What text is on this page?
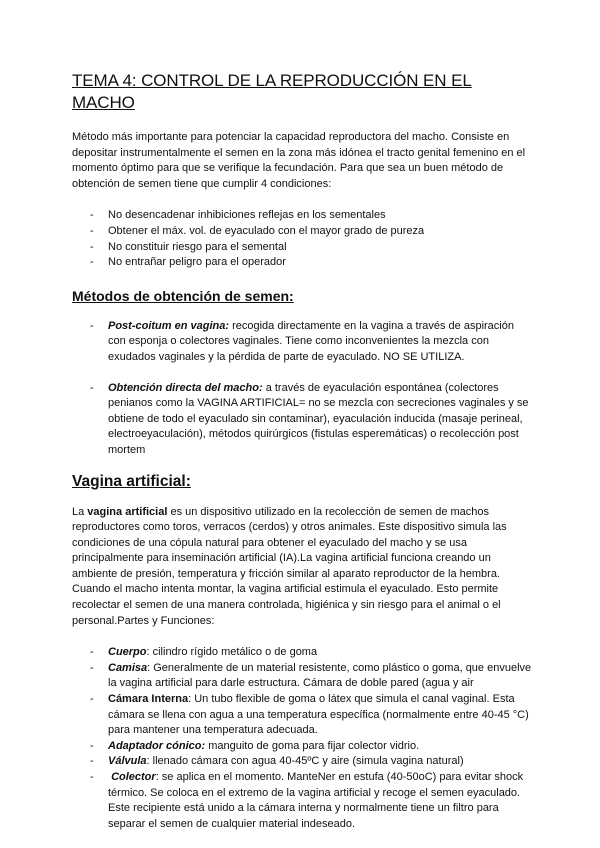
TEMA 4: CONTROL DE LA REPRODUCCIÓN EN EL MACHO

Método más importante para potenciar la capacidad reproductora del macho. Consiste en depositar instrumentalmente el semen en la zona más idónea el tracto genital femenino en el momento óptimo para que se verifique la fecundación. Para que sea un buen método de obtención de semen tiene que cumplir 4 condiciones:

- No desencadenar inhibiciones reflejas en los sementales
- Obtener el máx. vol. de eyaculado con el mayor grado de pureza
- No constituir riesgo para el semental
- No entrañar peligro para el operador
Métodos de obtención de semen:
- Post-coitum en vagina: recogida directamente en la vagina a través de aspiración con esponja o colectores vaginales. Tiene como inconvenientes la mezcla con exudados vaginales y la pérdida de parte de eyaculado. NO SE UTILIZA.
- Obtención directa del macho: a través de eyaculación espontánea (colectores penianos como la VAGINA ARTIFICIAL= no se mezcla con secreciones vaginales y se obtiene de todo el eyaculado sin contaminar), eyaculación inducida (masaje perineal, electroeyaculación), métodos quirúrgicos (fistulas esperemáticas) o recolección post mortem
Vagina artificial:

La vagina artificial es un dispositivo utilizado en la recolección de semen de machos reproductores como toros, verracos (cerdos) y otros animales. Este dispositivo simula las condiciones de una cópula natural para obtener el eyaculado del macho y se usa principalmente para inseminación artificial (IA).La vagina artificial funciona creando un ambiente de presión, temperatura y fricción similar al aparato reproductor de la hembra. Cuando el macho intenta montar, la vagina artificial estimula el eyaculado. Esto permite recolectar el semen de una manera controlada, higiénica y sin riesgo para el animal o el personal.Partes y Funciones:

- Cuerpo: cilindro rígido metálico o de goma
- Camisa: Generalmente de un material resistente, como plástico o goma, que envuelve la vagina artificial para darle estructura. Cámara de doble pared (agua y air
- Cámara Interna: Un tubo flexible de goma o látex que simula el canal vaginal. Esta cámara se llena con agua a una temperatura específica (normalmente entre 40-45 °C) para mantener una temperatura adecuada.
- Adaptador cónico: manguito de goma para fijar colector vidrio.
- Válvula: llenado cámara con agua 40-45ºC y aire (simula vagina natural)
- Colector: se aplica en el momento. ManteNer en estufa (40-50oC) para evitar shock térmico. Se coloca en el extremo de la vagina artificial y recoge el semen eyaculado. Este recipiente está unido a la cámara interna y normalmente tiene un filtro para separar el semen de cualquier material indeseado.
